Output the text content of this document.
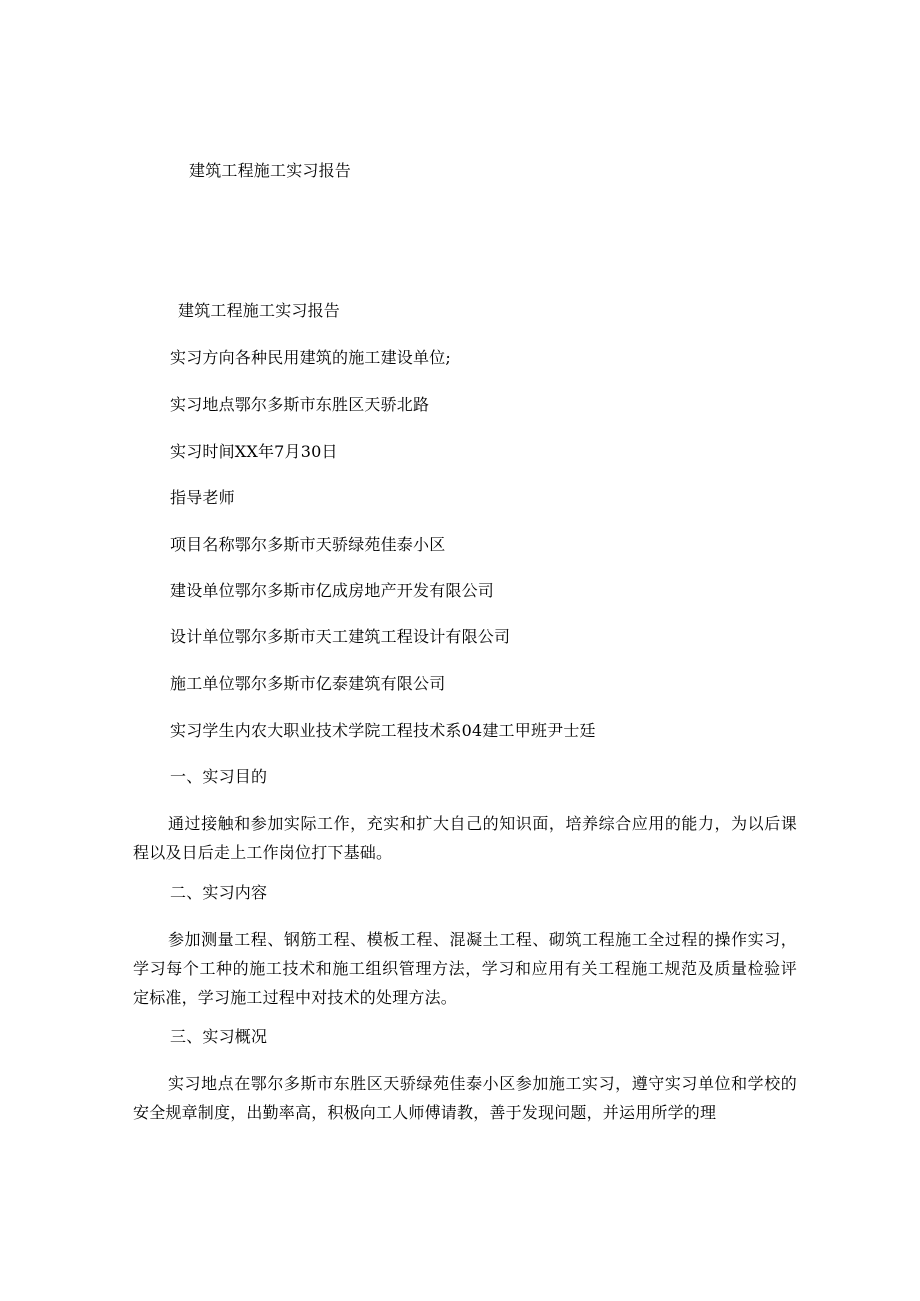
建筑工程施工实习报告
建筑工程施工实习报告
实习方向各种民用建筑的施工建设单位;
实习地点鄂尔多斯市东胜区天骄北路
实习时间XX年7月30日
指导老师
项目名称鄂尔多斯市天骄绿苑佳泰小区
建设单位鄂尔多斯市亿成房地产开发有限公司
设计单位鄂尔多斯市天工建筑工程设计有限公司
施工单位鄂尔多斯市亿泰建筑有限公司
实习学生内农大职业技术学院工程技术系04建工甲班尹士廷
一、实习目的
通过接触和参加实际工作，充实和扩大自己的知识面，培养综合应用的能力，为以后课程以及日后走上工作岗位打下基础。
二、实习内容
参加测量工程、钢筋工程、模板工程、混凝土工程、砌筑工程施工全过程的操作实习，学习每个工种的施工技术和施工组织管理方法，学习和应用有关工程施工规范及质量检验评定标准，学习施工过程中对技术的处理方法。
三、实习概况
实习地点在鄂尔多斯市东胜区天骄绿苑佳泰小区参加施工实习，遵守实习单位和学校的安全规章制度，出勤率高，积极向工人师傅请教，善于发现问题，并运用所学的理
